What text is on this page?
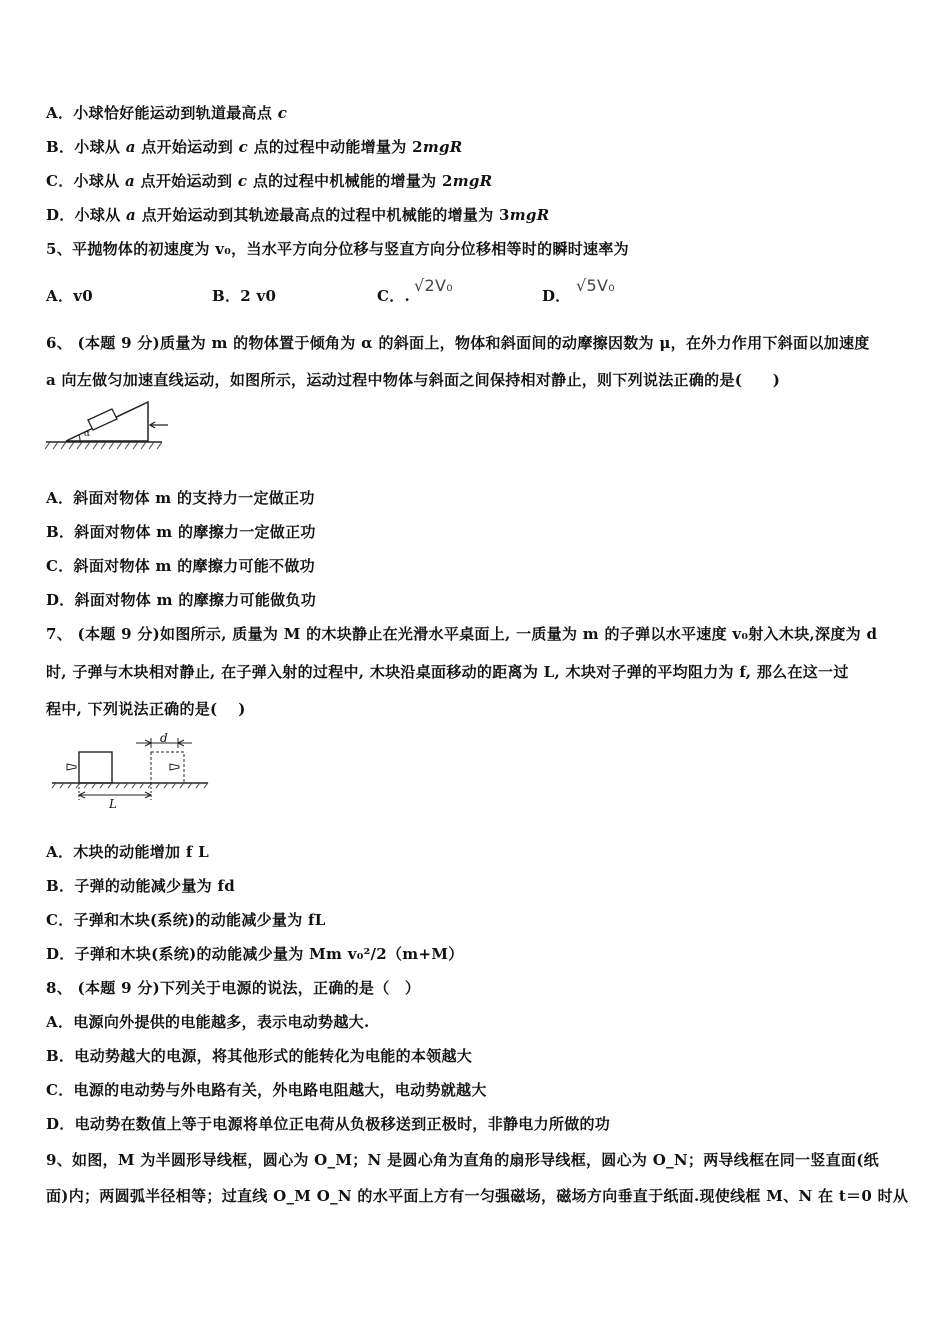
A．小球恰好能运动到轨道最高点 c
B．小球从 a 点开始运动到 c 点的过程中动能增量为 2mgR
C．小球从 a 点开始运动到 c 点的过程中机械能的增量为 2mgR
D．小球从 a 点开始运动到其轨迹最高点的过程中机械能的增量为 3mgR
5、平抛物体的初速度为 v₀，当水平方向分位移与竖直方向分位移相等时的瞬时速率为
A．v0	B．2 v0	C．.
√2V₀
D．
√5V₀
6、 (本题 9 分)质量为 m 的物体置于倾角为 α 的斜面上，物体和斜面间的动摩擦因数为 μ，在外力作用下斜面以加速度
a 向左做匀加速直线运动，如图所示，运动过程中物体与斜面之间保持相对静止，则下列说法正确的是(　　)
α
A．斜面对物体 m 的支持力一定做正功
B．斜面对物体 m 的摩擦力一定做正功
C．斜面对物体 m 的摩擦力可能不做功
D．斜面对物体 m 的摩擦力可能做负功
7、 (本题 9 分)如图所示, 质量为 M 的木块静止在光滑水平桌面上, 一质量为 m 的子弹以水平速度 v₀射入木块,深度为 d
时, 子弹与木块相对静止, 在子弹入射的过程中, 木块沿桌面移动的距离为 L, 木块对子弹的平均阻力为 f, 那么在这一过
程中, 下列说法正确的是(　 )
d
L
A．木块的动能增加 f L
B．子弹的动能减少量为 fd
C．子弹和木块(系统)的动能减少量为 fL
D．子弹和木块(系统)的动能减少量为 Mm v₀²/2（m+M）
8、 (本题 9 分)下列关于电源的说法，正确的是（　）
A．电源向外提供的电能越多，表示电动势越大.
B．电动势越大的电源，将其他形式的能转化为电能的本领越大
C．电源的电动势与外电路有关，外电路电阻越大，电动势就越大
D．电动势在数值上等于电源将单位正电荷从负极移送到正极时，非静电力所做的功
9、如图，M 为半圆形导线框，圆心为 O_M；N 是圆心角为直角的扇形导线框，圆心为 O_N；两导线框在同一竖直面(纸
面)内；两圆弧半径相等；过直线 O_M O_N 的水平面上方有一匀强磁场，磁场方向垂直于纸面.现使线框 M、N 在 t＝0 时从
